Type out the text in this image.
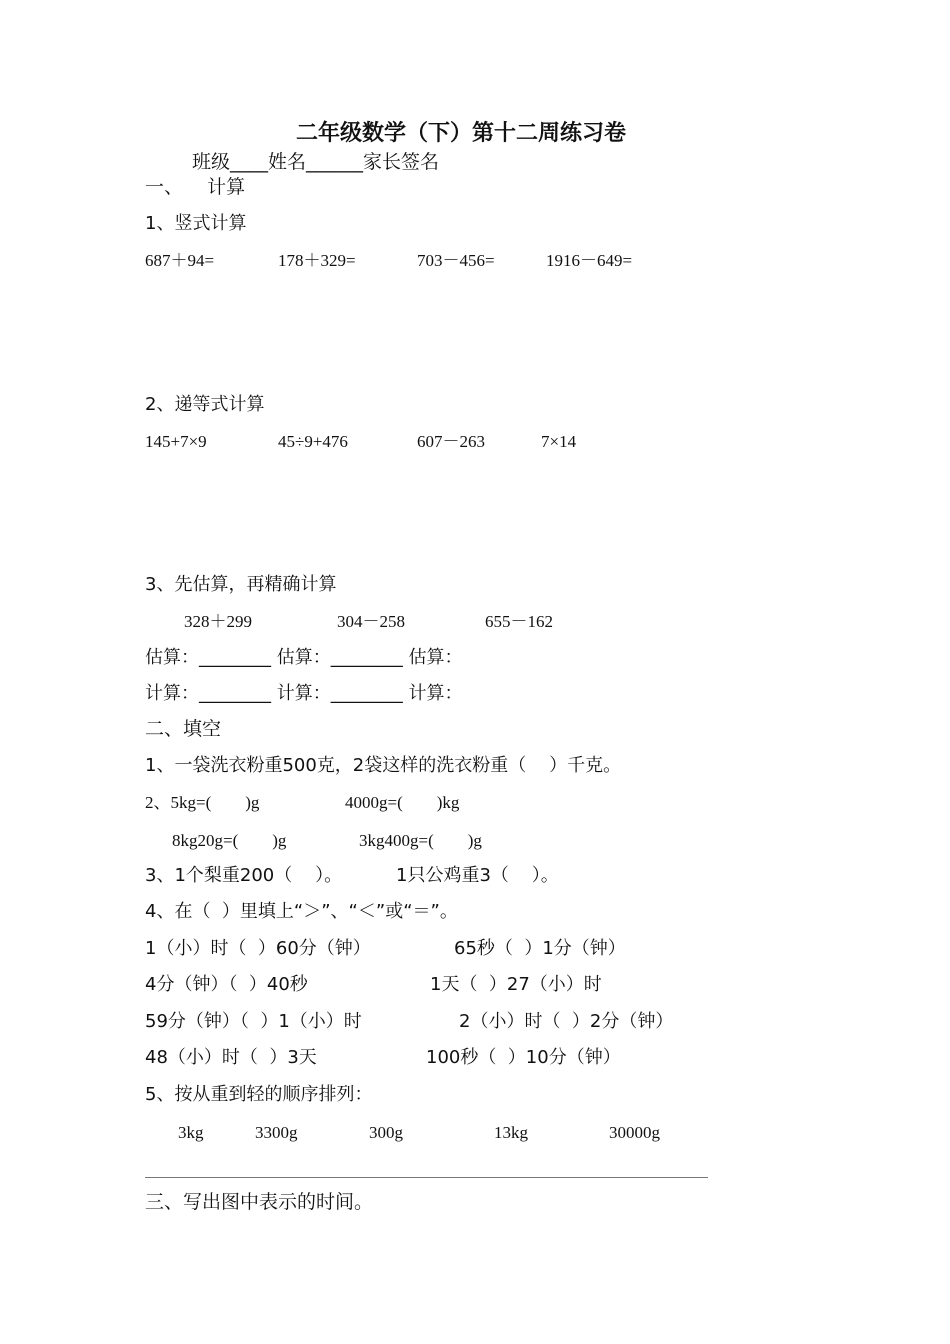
二年级数学（下）第十二周练习卷
班级____姓名______家长签名
一、    计算
1、竖式计算
687＋94=	178＋329=	703－456=	1916－649=
2、递等式计算
145+7×9	45÷9+476	607－263	7×14
3、先估算，再精确计算
328＋299	304－258	655－162
估算：________ 估算：________ 估算：
计算：________ 计算：________ 计算：
二、填空
1、一袋洗衣粉重500克，2袋这样的洗衣粉重（    ）千克。
2、5kg=(        )g	4000g=(        )kg
8kg20g=(        )g	3kg400g=(        )g
3、1个梨重200（    ）。	1只公鸡重3（    ）。
4、在（  ）里填上“＞”、“＜”或“＝”。
1（小）时（  ）60分（钟）	65秒（  ）1分（钟）
4分（钟）（  ）40秒	1天（  ）27（小）时
59分（钟）（  ）1（小）时	2（小）时（  ）2分（钟）
48（小）时（  ）3天	100秒（  ）10分（钟）
5、按从重到轻的顺序排列：
3kg	3300g	300g	13kg	30000g
三、写出图中表示的时间。
